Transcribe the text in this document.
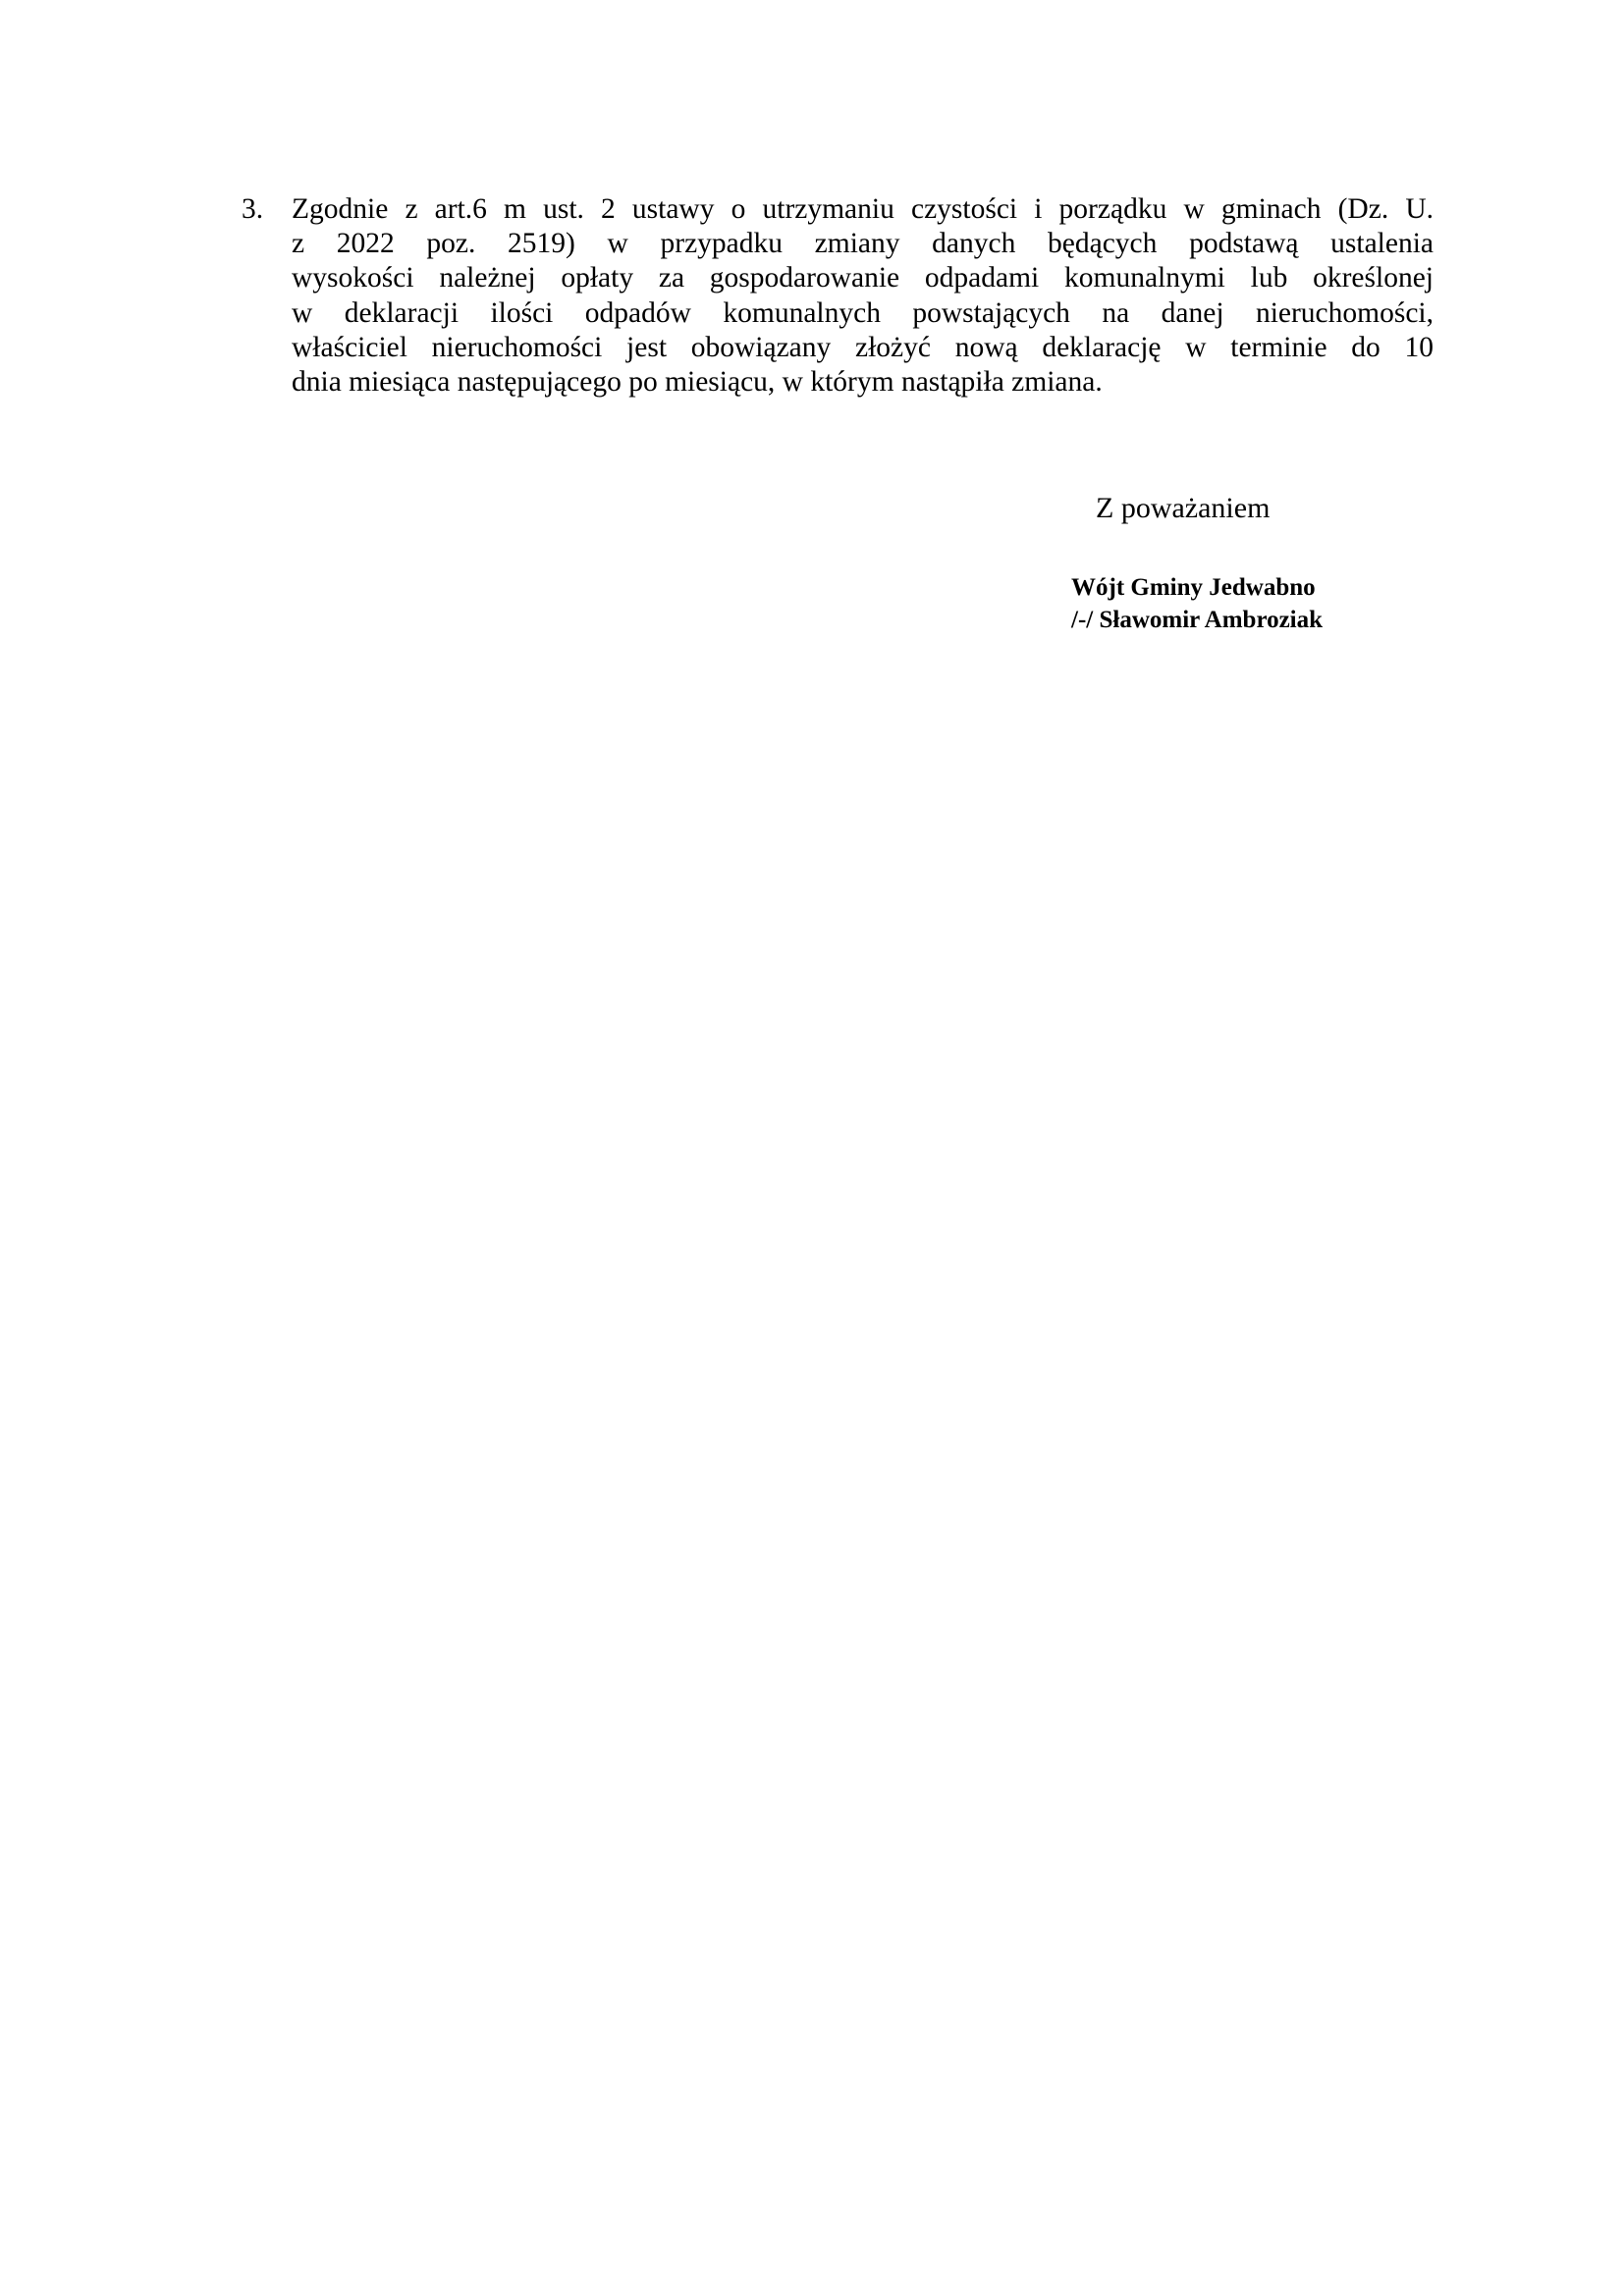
3. Zgodnie z art.6 m ust. 2 ustawy o utrzymaniu czystości i porządku w gminach (Dz. U.
z 2022 poz. 2519) w przypadku zmiany danych będących podstawą ustalenia
wysokości należnej opłaty za gospodarowanie odpadami komunalnymi lub określonej
w deklaracji ilości odpadów komunalnych powstających na danej nieruchomości,
właściciel nieruchomości jest obowiązany złożyć nową deklarację w terminie do 10
dnia miesiąca następującego po miesiącu, w którym nastąpiła zmiana.
Z poważaniem
Wójt Gminy Jedwabno
/-/ Sławomir Ambroziak
